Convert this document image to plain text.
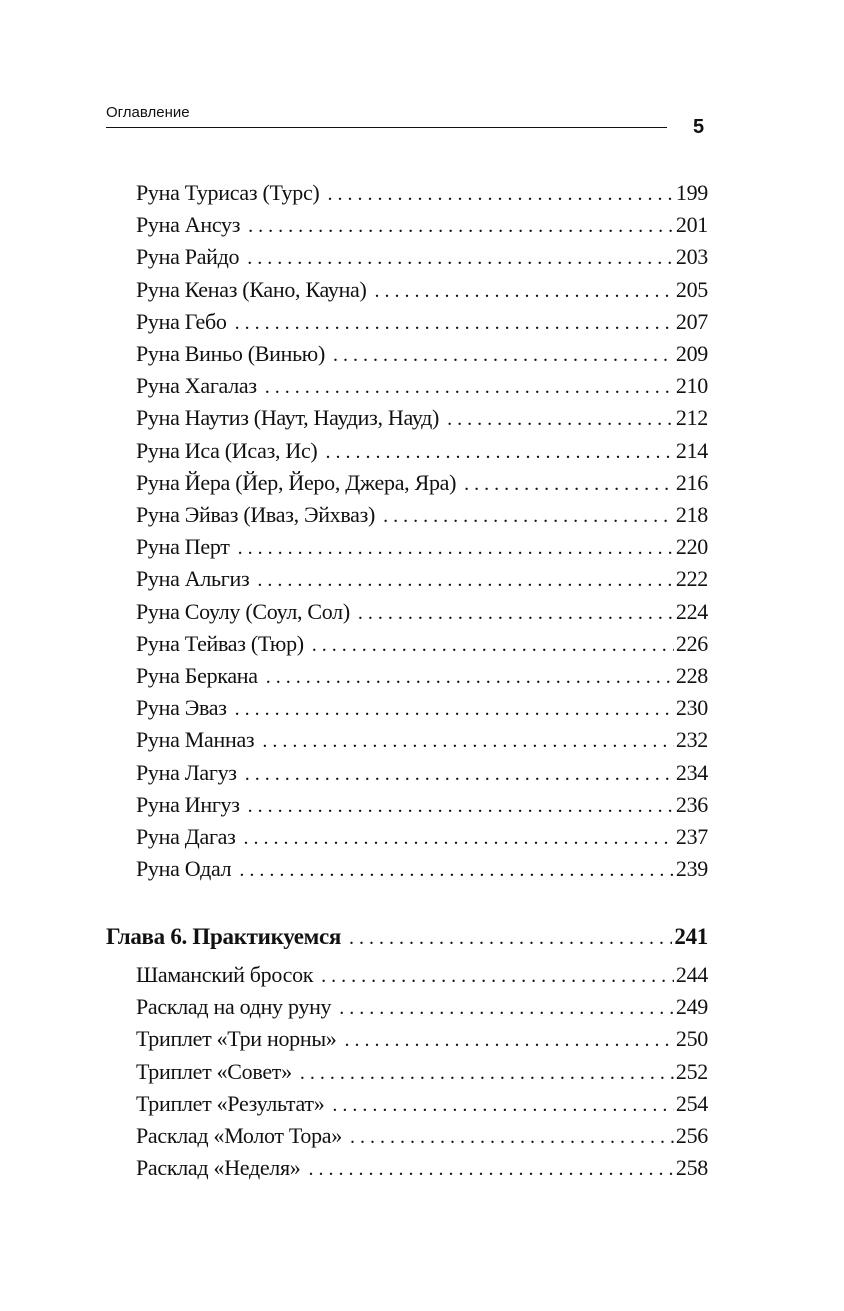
Оглавление
5
Руна Турисаз (Турс) . . .	199
Руна Ансуз . . .	201
Руна Райдо . . .	203
Руна Кеназ (Кано, Кауна) . . .	205
Руна Гебо . . .	207
Руна Виньо (Винью) . . .	209
Руна Хагалаз . . .	210
Руна Наутиз (Наут, Наудиз, Науд) . . .	212
Руна Иса (Исаз, Ис) . . .	214
Руна Йера (Йер, Йеро, Джера, Яра) . . .	216
Руна Эйваз (Иваз, Эйхваз) . . .	218
Руна Перт . . .	220
Руна Альгиз . . .	222
Руна Соулу (Соул, Сол) . . .	224
Руна Тейваз (Тюр) . . .	226
Руна Беркана . . .	228
Руна Эваз . . .	230
Руна Манназ . . .	232
Руна Лагуз . . .	234
Руна Ингуз . . .	236
Руна Дагаз . . .	237
Руна Одал . . .	239
Глава 6. Практикуемся . . .	241
Шаманский бросок . . .	244
Расклад на одну руну . . .	249
Триплет «Три норны» . . .	250
Триплет «Совет» . . .	252
Триплет «Результат» . . .	254
Расклад «Молот Тора» . . .	256
Расклад «Неделя» . . .	258
